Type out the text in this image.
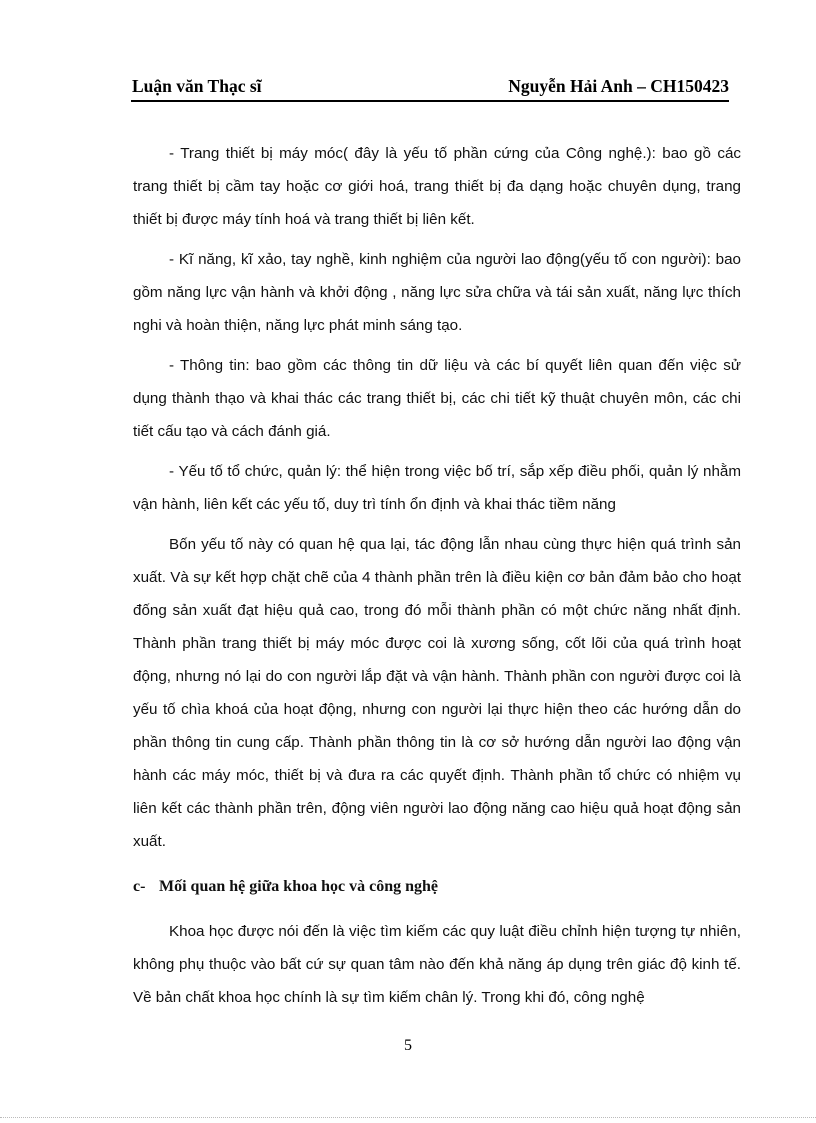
Luận văn Thạc sĩ	Nguyễn Hải Anh – CH150423

- Trang thiết bị máy móc( đây là yếu tố phần cứng của Công nghệ.): bao gồ các trang thiết bị cầm tay hoặc cơ giới hoá, trang thiết bị đa dạng hoặc chuyên dụng, trang thiết bị được máy tính hoá và trang thiết bị liên kết.

- Kĩ năng, kĩ xảo, tay nghề, kinh nghiệm của người lao động(yếu tố con người): bao gồm năng lực vận hành và khởi động , năng lực sửa chữa và tái sản xuất, năng lực thích nghi và hoàn thiện, năng lực phát minh sáng tạo.

- Thông tin: bao gồm các thông tin dữ liệu và các bí quyết liên quan đến việc sử dụng thành thạo và khai thác các trang thiết bị, các chi tiết kỹ thuật chuyên môn, các chi tiết cấu tạo và cách đánh giá.

- Yếu tố tổ chức, quản lý: thể hiện trong việc bố trí, sắp xếp điều phối, quản lý nhằm vận hành, liên kết các yếu tố, duy trì tính ổn định và khai thác tiềm năng

Bốn yếu tố này có quan hệ qua lại, tác động lẫn nhau cùng thực hiện quá trình sản xuất. Và sự kết hợp chặt chẽ của 4 thành phần trên là điều kiện cơ bản đảm bảo cho hoạt đống sản xuất đạt hiệu quả cao, trong đó mỗi thành phần có một chức năng nhất định. Thành phần trang thiết bị máy móc được coi là xương sống, cốt lõi của quá trình hoạt động, nhưng nó lại do con người lắp đặt và vận hành. Thành phần con người được coi là yếu tố chìa khoá của hoạt động, nhưng con người lại thực hiện theo các hướng dẫn do phần thông tin cung cấp. Thành phần thông tin là cơ sở hướng dẫn người lao động vận hành các máy móc, thiết bị và đưa ra các quyết định. Thành phần tổ chức có nhiệm vụ liên kết các thành phần trên, động viên người lao động năng cao hiệu quả hoạt động sản xuất.

c- Mối quan hệ giữa khoa học và công nghệ

Khoa học được nói đến là việc tìm kiếm các quy luật điều chỉnh hiện tượng tự nhiên, không phụ thuộc vào bất cứ sự quan tâm nào đến khả năng áp dụng trên giác độ kinh tế. Về bản chất khoa học chính là sự tìm kiếm chân lý. Trong khi đó, công nghệ

5
